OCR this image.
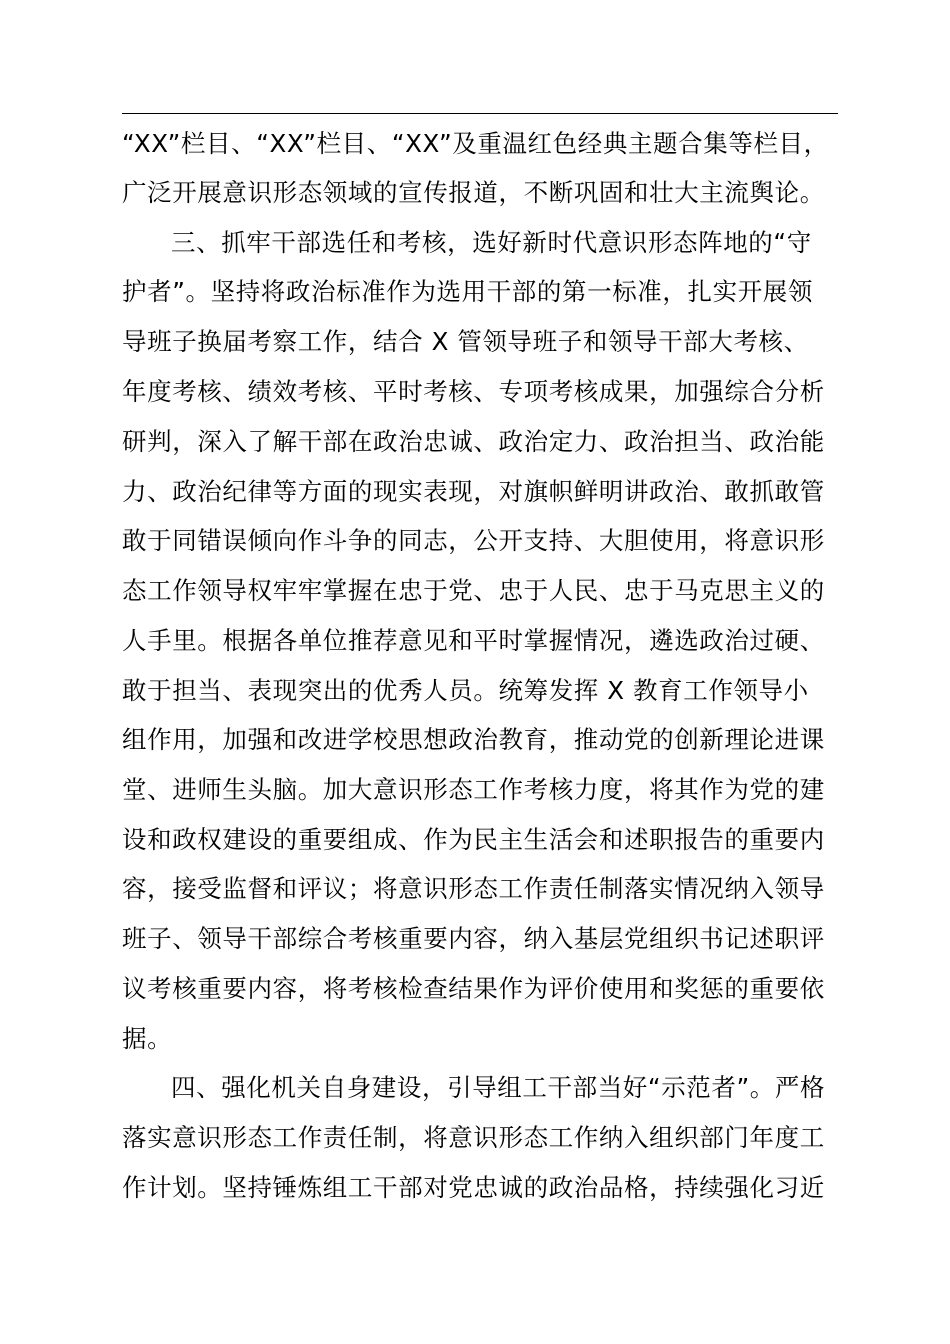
“XX”栏目、“XX”栏目、“XX”及重温红色经典主题合集等栏目，
广泛开展意识形态领域的宣传报道，不断巩固和壮大主流舆论。
三、抓牢干部选任和考核，选好新时代意识形态阵地的“守
护者”。坚持将政治标准作为选用干部的第一标准，扎实开展领
导班子换届考察工作，结合 X 管领导班子和领导干部大考核、
年度考核、绩效考核、平时考核、专项考核成果，加强综合分析
研判，深入了解干部在政治忠诚、政治定力、政治担当、政治能
力、政治纪律等方面的现实表现，对旗帜鲜明讲政治、敢抓敢管
敢于同错误倾向作斗争的同志，公开支持、大胆使用，将意识形
态工作领导权牢牢掌握在忠于党、忠于人民、忠于马克思主义的
人手里。根据各单位推荐意见和平时掌握情况，遴选政治过硬、
敢于担当、表现突出的优秀人员。统筹发挥 X 教育工作领导小
组作用，加强和改进学校思想政治教育，推动党的创新理论进课
堂、进师生头脑。加大意识形态工作考核力度，将其作为党的建
设和政权建设的重要组成、作为民主生活会和述职报告的重要内
容，接受监督和评议；将意识形态工作责任制落实情况纳入领导
班子、领导干部综合考核重要内容，纳入基层党组织书记述职评
议考核重要内容，将考核检查结果作为评价使用和奖惩的重要依
据。
四、强化机关自身建设，引导组工干部当好“示范者”。严格
落实意识形态工作责任制，将意识形态工作纳入组织部门年度工
作计划。坚持锤炼组工干部对党忠诚的政治品格，持续强化习近
